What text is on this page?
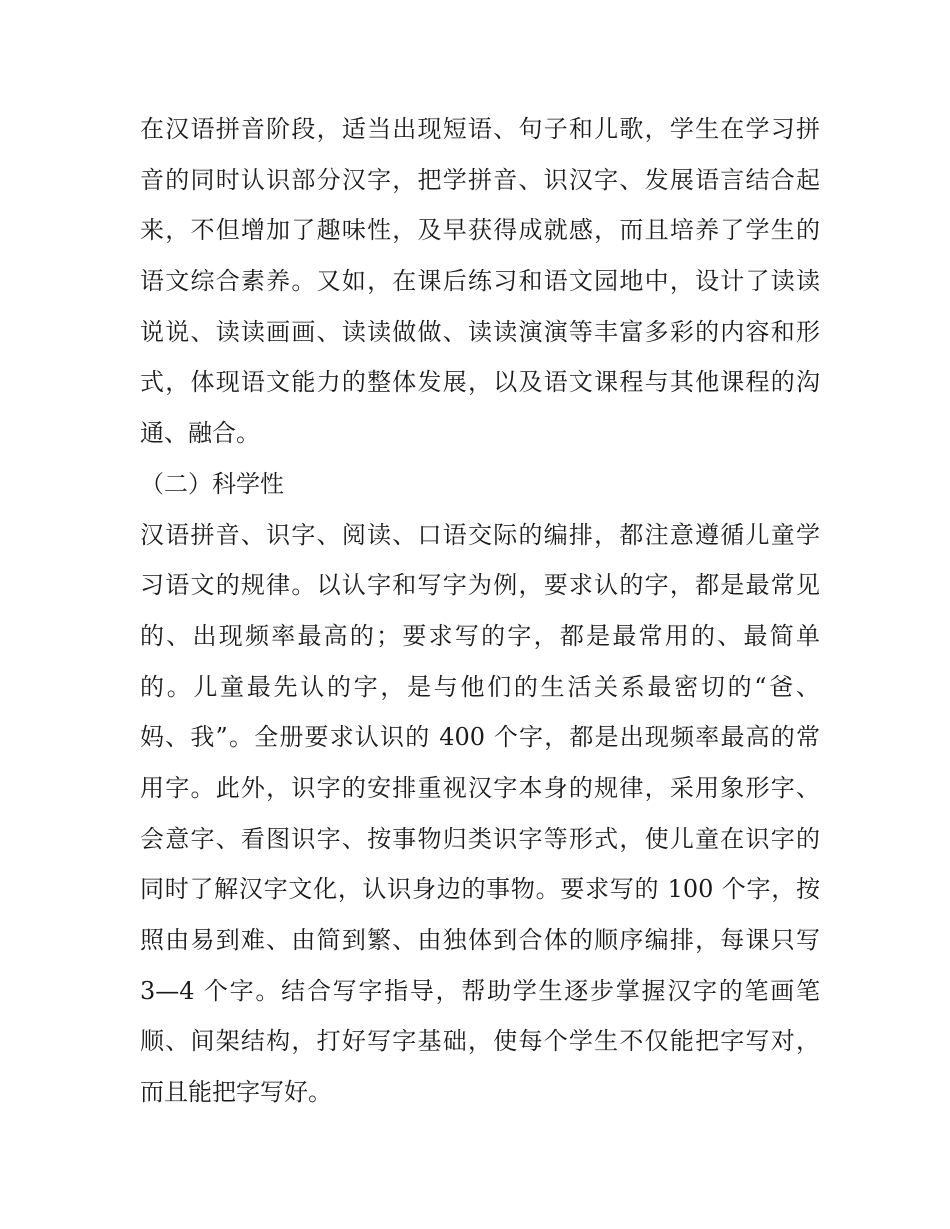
在汉语拼音阶段，适当出现短语、句子和儿歌，学生在学习拼
音的同时认识部分汉字，把学拼音、识汉字、发展语言结合起
来，不但增加了趣味性，及早获得成就感，而且培养了学生的
语文综合素养。又如，在课后练习和语文园地中，设计了读读
说说、读读画画、读读做做、读读演演等丰富多彩的内容和形
式，体现语文能力的整体发展，以及语文课程与其他课程的沟
通、融合。
（二）科学性
汉语拼音、识字、阅读、口语交际的编排，都注意遵循儿童学
习语文的规律。以认字和写字为例，要求认的字，都是最常见
的、出现频率最高的；要求写的字，都是最常用的、最简单
的。儿童最先认的字，是与他们的生活关系最密切的“爸、
妈、我”。全册要求认识的 400 个字，都是出现频率最高的常
用字。此外，识字的安排重视汉字本身的规律，采用象形字、
会意字、看图识字、按事物归类识字等形式，使儿童在识字的
同时了解汉字文化，认识身边的事物。要求写的 100 个字，按
照由易到难、由简到繁、由独体到合体的顺序编排，每课只写
3—4 个字。结合写字指导，帮助学生逐步掌握汉字的笔画笔
顺、间架结构，打好写字基础，使每个学生不仅能把字写对，
而且能把字写好。
